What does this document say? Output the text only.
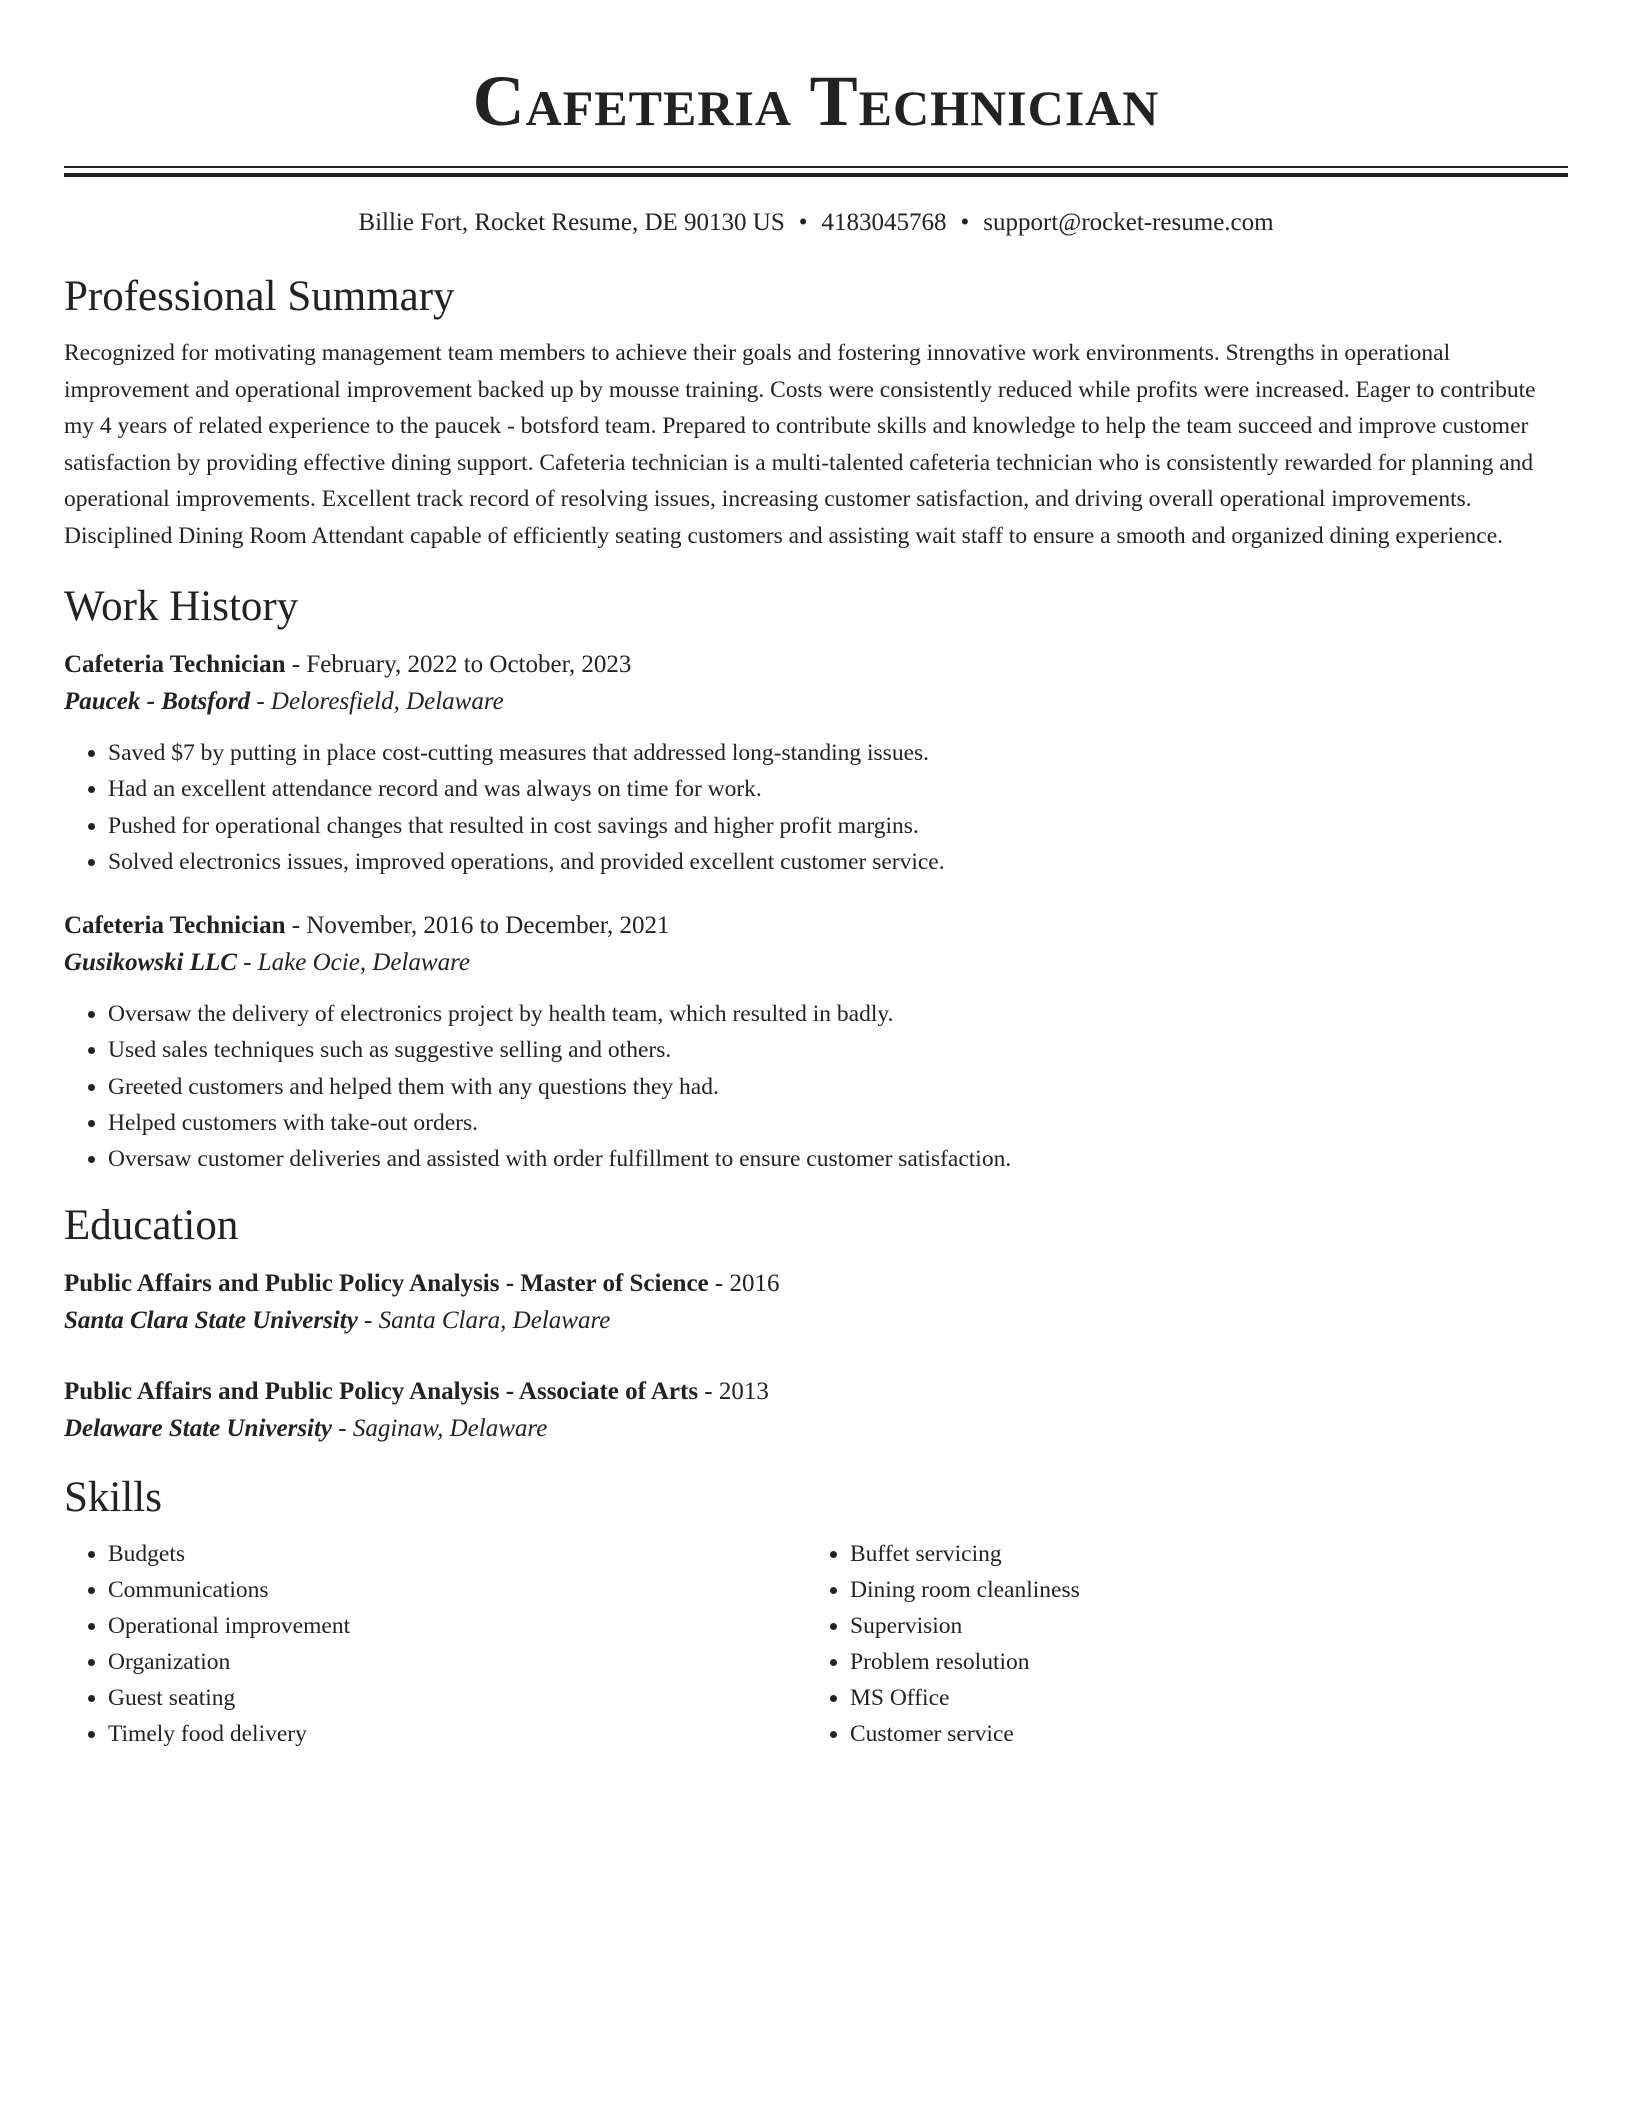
Cafeteria Technician
Billie Fort, Rocket Resume, DE 90130 US • 4183045768 • support@rocket-resume.com
Professional Summary
Recognized for motivating management team members to achieve their goals and fostering innovative work environments. Strengths in operational improvement and operational improvement backed up by mousse training. Costs were consistently reduced while profits were increased. Eager to contribute my 4 years of related experience to the paucek - botsford team. Prepared to contribute skills and knowledge to help the team succeed and improve customer satisfaction by providing effective dining support. Cafeteria technician is a multi-talented cafeteria technician who is consistently rewarded for planning and operational improvements. Excellent track record of resolving issues, increasing customer satisfaction, and driving overall operational improvements. Disciplined Dining Room Attendant capable of efficiently seating customers and assisting wait staff to ensure a smooth and organized dining experience.
Work History
Cafeteria Technician - February, 2022 to October, 2023
Paucek - Botsford - Deloresfield, Delaware
• Saved $7 by putting in place cost-cutting measures that addressed long-standing issues.
• Had an excellent attendance record and was always on time for work.
• Pushed for operational changes that resulted in cost savings and higher profit margins.
• Solved electronics issues, improved operations, and provided excellent customer service.
Cafeteria Technician - November, 2016 to December, 2021
Gusikowski LLC - Lake Ocie, Delaware
• Oversaw the delivery of electronics project by health team, which resulted in badly.
• Used sales techniques such as suggestive selling and others.
• Greeted customers and helped them with any questions they had.
• Helped customers with take-out orders.
• Oversaw customer deliveries and assisted with order fulfillment to ensure customer satisfaction.
Education
Public Affairs and Public Policy Analysis - Master of Science - 2016
Santa Clara State University - Santa Clara, Delaware
Public Affairs and Public Policy Analysis - Associate of Arts - 2013
Delaware State University - Saginaw, Delaware
Skills
• Budgets
• Communications
• Operational improvement
• Organization
• Guest seating
• Timely food delivery
• Buffet servicing
• Dining room cleanliness
• Supervision
• Problem resolution
• MS Office
• Customer service
